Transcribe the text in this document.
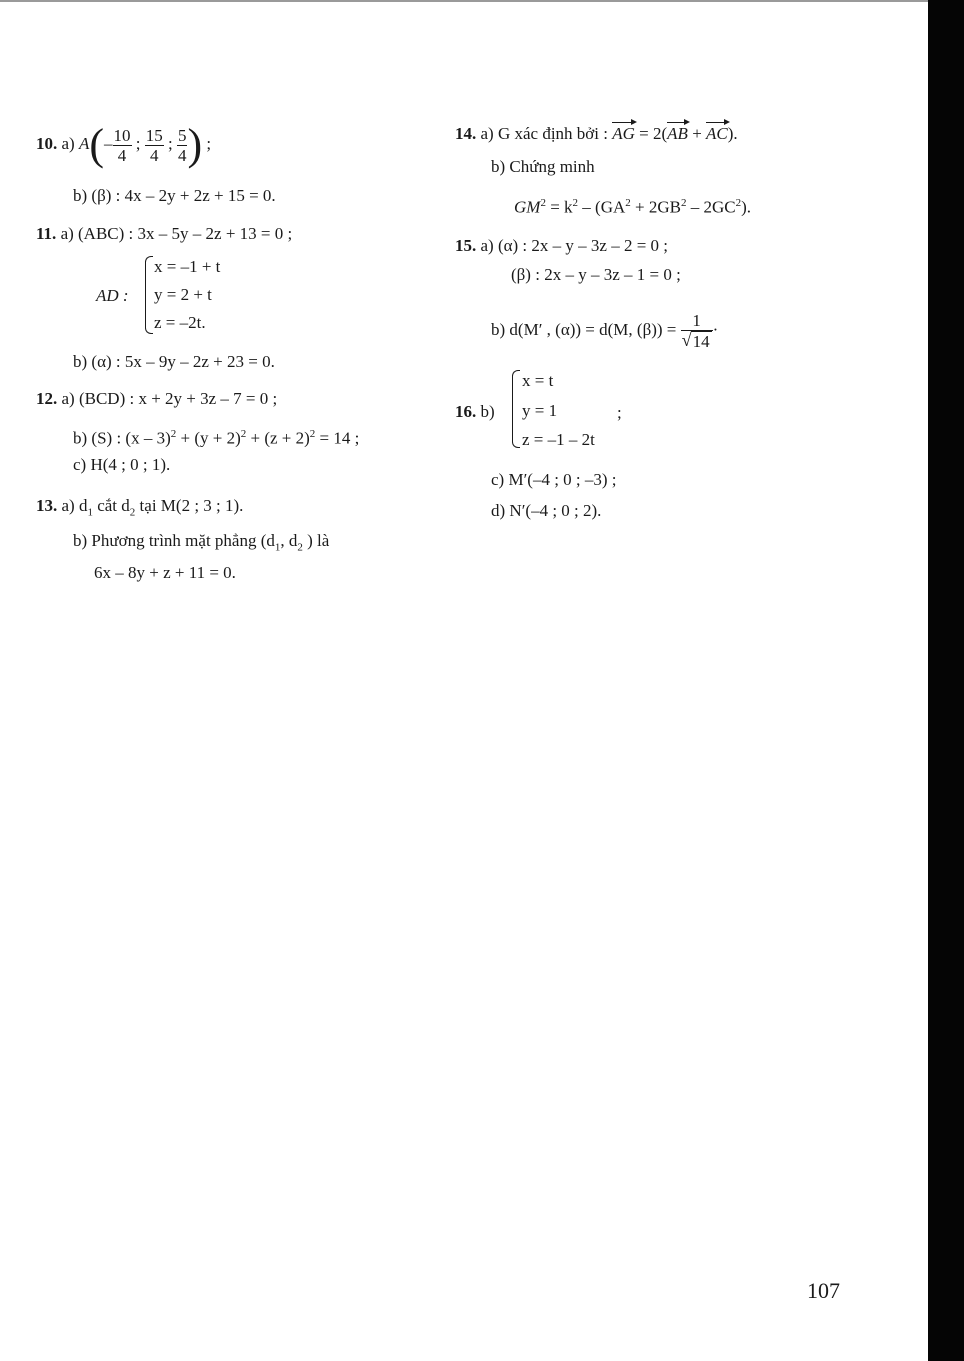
10. a) $A(- \frac{10}{4}$ ; $\frac{15}{4}$ ; $\frac{5}{4}$ ) ;
b) (β) : 4x – 2y + 2z + 15 = 0.
11. a) (ABC) : 3x – 5y – 2z + 13 = 0 ;
AD :
x = –1 + t
y = 2 + t
z = –2t.
b) (α) : 5x – 9y – 2z + 23 = 0.
12. a) (BCD) : x + 2y + 3z – 7 = 0 ;
b) (S) : $(x - 3)^2 + (y + 2)^2 + (z + 2)^2 = 14$ ;
c) H(4 ; 0 ; 1).
13. a) $d_1$ cắt $d_2$ tại M(2 ; 3 ; 1).
b) Phương trình mặt phẳng ($d_1$, $d_2$ ) là
6x – 8y + z + 11 = 0.
14. a) G xác định bởi : AG = 2(AB + AC).
b) Chứng minh
$GM^2 = k^2 - (GA^2 + 2GB^2 - 2GC^2)$.
15. a) (α) : 2x – y – 3z – 2 = 0 ;
(β) : 2x – y – 3z – 1 = 0 ;
b) d(M′ , (α)) = d(M, $(\beta)) = \frac{1}{√ 14}$ ·
16. b)
x = t
y = 1
z = –1 – 2t
;
c) M′(–4 ; 0 ; –3) ;
d) N′(–4 ; 0 ; 2).
107
